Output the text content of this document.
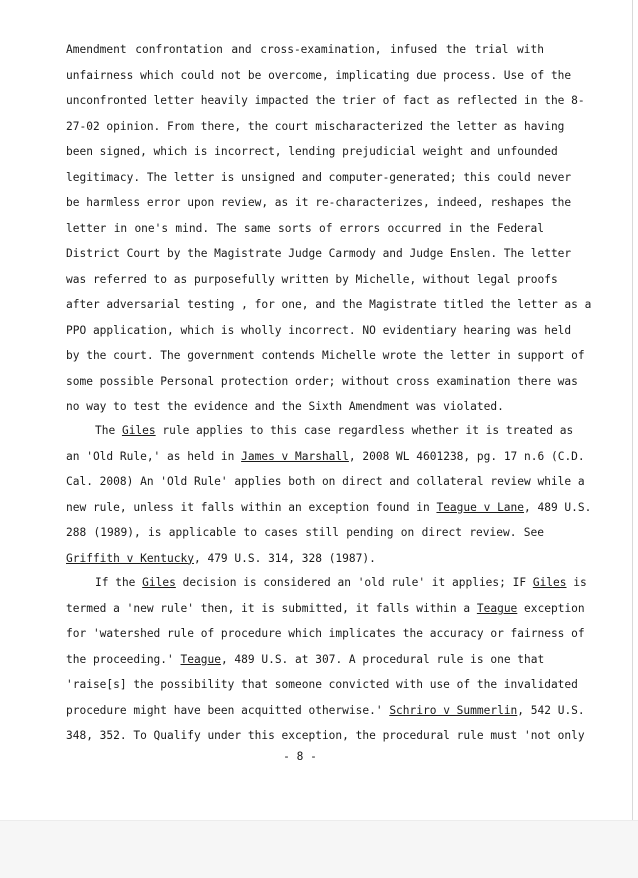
Amendment confrontation and cross-examination, infused the trial with
unfairness which could not be overcome, implicating due process. Use of the
unconfronted letter heavily impacted the trier of fact as reflected in the 8-
27-02 opinion. From there, the court mischaracterized the letter as having
been signed, which is incorrect, lending prejudicial weight and unfounded
legitimacy. The letter is unsigned and computer-generated; this could never
be harmless error upon review, as it re-characterizes, indeed, reshapes the
letter in one's mind. The same sorts of errors occurred in the Federal
District Court by the Magistrate Judge Carmody and Judge Enslen. The letter
was referred to as purposefully written by Michelle, without legal proofs
after adversarial testing , for one, and the Magistrate titled the letter as a
PPO application, which is wholly incorrect. NO evidentiary hearing was held
by the court. The government contends Michelle wrote the letter in support of
some possible Personal protection order; without cross examination there was
no way to test the evidence and the Sixth Amendment was violated.
The Giles rule applies to this case regardless whether it is treated as
an 'Old Rule,' as held in James v Marshall, 2008 WL 4601238, pg. 17 n.6 (C.D.
Cal. 2008) An 'Old Rule' applies both on direct and collateral review while a
new rule, unless it falls within an exception found in Teague v Lane, 489 U.S.
288 (1989), is applicable to cases still pending on direct review. See
Griffith v Kentucky, 479 U.S. 314, 328 (1987).
If the Giles decision is considered an 'old rule' it applies; IF Giles is
termed a 'new rule' then, it is submitted, it falls within a Teague exception
for 'watershed rule of procedure which implicates the accuracy or fairness of
the proceeding.' Teague, 489 U.S. at 307. A procedural rule is one that
'raise[s] the possibility that someone convicted with use of the invalidated
procedure might have been acquitted otherwise.' Schriro v Summerlin, 542 U.S.
348, 352. To Qualify under this exception, the procedural rule must 'not only
- 8 -
